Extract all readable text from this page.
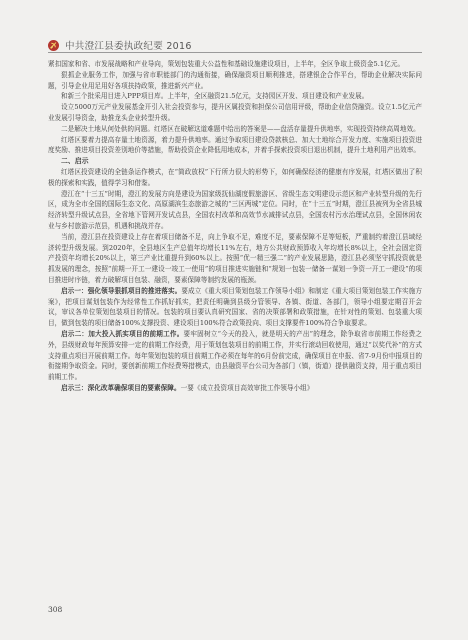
中共澄江县委执政纪要 2016

紧扣国家和省、市发展战略和产业导向，策划包装重大公益性和基础设施建设项目，上半年，全区争取上级资金5.1亿元。

狠抓企业服务工作，加强与省市职能部门的沟通衔接，确保融资项目顺利推进，搭建银企合作平台，帮助企业解决实际问题，引导企业用足用好各项扶持政策，推进新兴产业。

和新三个批采用目进入PPP项目库。上半年，全区融资21.5亿元，支持园区开发、项目建设和产业发展。

设立5000万元产业发展基金开引入社会投资参与，提升区属投资和担保公司信用评级，帮助企业信贷融资。设立1.5亿元产业发展引导资金，助推龙头企业转型升级。

二是解决土地从何处供的问题。红塔区在破解这道难题中给出的答案是——盘活存量提升供地率，实现投资持续高周地效。

红塔区要着力提高存量土地资源，着力提升供地率。通过争取项目建设贷款核总、加大土地综合开发力度、实施项目投资进度奖励、推进项目投资差别地价等措施，帮助投资企业降低用地成本，并着手探索投资项目退出机制，提升土地利用产出效率。

二、启示

红塔区投资建设的全链条运作模式，在“简政放权”下行所力很大的形势下，如何确保经济的健康有序发展，红塔区做出了积极的探索和实践，值得学习和借鉴。

澄江在“十三五”时期，澄江的发展方向是建设为国家级抚仙湖度假旅游区、省级生态文明建设示范区和产业转型升级的先行区，成为全市全国的国际生态文化、高原湖滨生态旅游之城的“三区两城”定位。同时，在“十三五”时期，澄江县被列为全省县城经济转型升级试点县，全省地下管网开发试点县，全国农村改革和高效节水减排试点县，全国农村污水治理试点县，全国休闲农业与乡村旅游示范县，机遇和挑战并存。

当前，澄江县在投资建设上存在着项目储备不足，向上争取不足，难度不足，要素保障不足等短板，严重制约着澄江县域经济转型升级发展。到2020年，全县地区生产总值年均增长11%左右，地方公共财政预算收入年均增长8%以上，全社会固定资产投资年均增长20%以上，第三产业比重提升到60%以上。按照“优一精三强二”的产业发展思路，澄江县必须坚守抓投资就是抓发展的理念，按照“前期一开工一建设一竣工一使用”的项目推进实施链和“规划一包装一储备一谋划一争资一开工一建设”的项目推进时序链，着力破解项目包装、融资，要素保障等制约发展的瓶颈。

启示一：强化领导狠抓项目的推进落实。要成立《重大项目策划包装工作领导小组》和制定《重大项目策划包装工作实施方案》，把项目谋划包装作为经常性工作抓好抓实，把责任明确到县级分管领导、各镇、街道、各部门，领导小组要定期召开会议，审议各单位策划包装项目的情况。包装的项目要认真研究国家、省的决策部署和政策措施，在针对性的策划、包装重大项目，做到包装的项目储备100%支撑投资、建设项目100%符合政策投向、项目支撑要件100%符合争取要求。

启示二：加大投入抓实项目的前期工作。要牢固树立“今天的投入，就是明天的产出”的理念，除争取省市前期工作经费之外，县级财政每年预算安排一定的前期工作经费，用于策划包装项目的前期工作，并实行滚动回收使用，通过“以奖代补”的方式支持重点项目开展前期工作。每年策划包装的项目前期工作必须在每年的6月份前完成，确保项目在申报、省7-9月份申报项目的衔接期争取资金。同时，要创新前期工作经费筹措模式，由县融资平台公司为各部门（镇，街道）提供融资支持，用于重点项目前期工作。

启示三：深化改革确保项目的要素保障。一要《成立投资项目高效审批工作领导小组》

308
